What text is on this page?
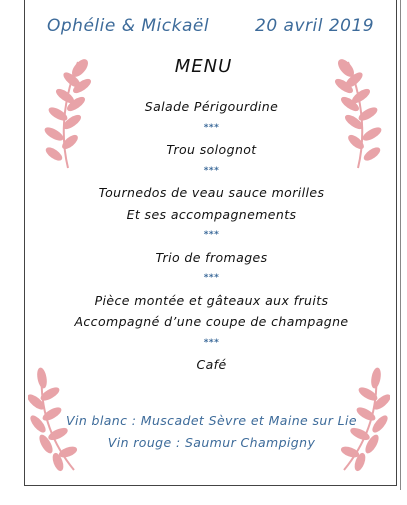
Ophélie & Mickaël	20 avril 2019
MENU
Salade Périgourdine
***
Trou solognot
***
Tournedos de veau sauce morilles
Et ses accompagnements
***
Trio de fromages
***
Pièce montée et gâteaux aux fruits
Accompagné d’une coupe de champagne
***
Café
Vin blanc : Muscadet Sèvre et Maine sur Lie
Vin rouge : Saumur Champigny
